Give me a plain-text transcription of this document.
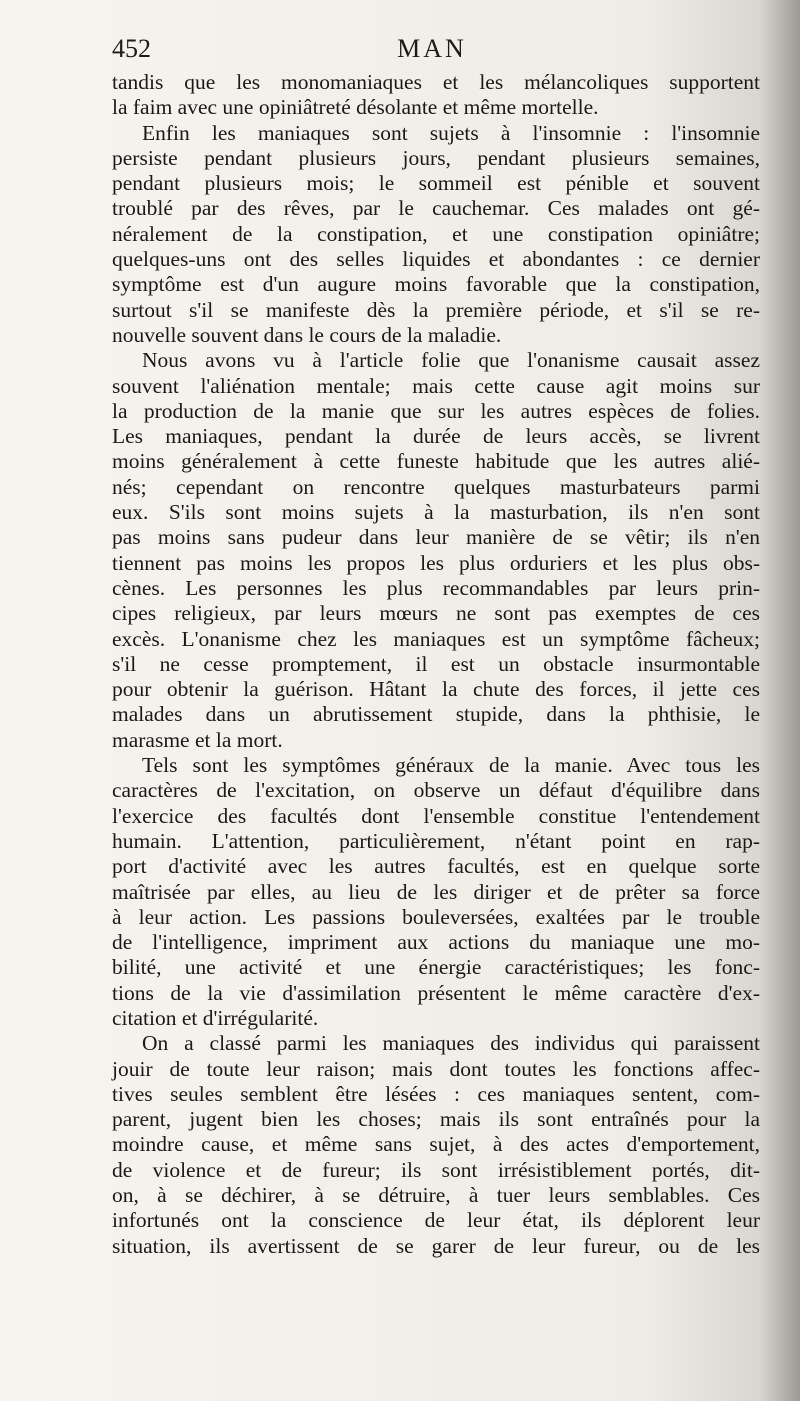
452	MAN
tandis que les monomaniaques et les mélancoliques supportent
la faim avec une opiniâtreté désolante et même mortelle.
Enfin les maniaques sont sujets à l'insomnie : l'insomnie
persiste pendant plusieurs jours, pendant plusieurs semaines,
pendant plusieurs mois; le sommeil est pénible et souvent
troublé par des rêves, par le cauchemar. Ces malades ont gé-
néralement de la constipation, et une constipation opiniâtre;
quelques-uns ont des selles liquides et abondantes : ce dernier
symptôme est d'un augure moins favorable que la constipation,
surtout s'il se manifeste dès la première période, et s'il se re-
nouvelle souvent dans le cours de la maladie.
Nous avons vu à l'article folie que l'onanisme causait assez
souvent l'aliénation mentale; mais cette cause agit moins sur
la production de la manie que sur les autres espèces de folies.
Les maniaques, pendant la durée de leurs accès, se livrent
moins généralement à cette funeste habitude que les autres alié-
nés; cependant on rencontre quelques masturbateurs parmi
eux. S'ils sont moins sujets à la masturbation, ils n'en sont
pas moins sans pudeur dans leur manière de se vêtir; ils n'en
tiennent pas moins les propos les plus orduriers et les plus obs-
cènes. Les personnes les plus recommandables par leurs prin-
cipes religieux, par leurs mœurs ne sont pas exemptes de ces
excès. L'onanisme chez les maniaques est un symptôme fâcheux;
s'il ne cesse promptement, il est un obstacle insurmontable
pour obtenir la guérison. Hâtant la chute des forces, il jette ces
malades dans un abrutissement stupide, dans la phthisie, le
marasme et la mort.
Tels sont les symptômes généraux de la manie. Avec tous les
caractères de l'excitation, on observe un défaut d'équilibre dans
l'exercice des facultés dont l'ensemble constitue l'entendement
humain. L'attention, particulièrement, n'étant point en rap-
port d'activité avec les autres facultés, est en quelque sorte
maîtrisée par elles, au lieu de les diriger et de prêter sa force
à leur action. Les passions bouleversées, exaltées par le trouble
de l'intelligence, impriment aux actions du maniaque une mo-
bilité, une activité et une énergie caractéristiques; les fonc-
tions de la vie d'assimilation présentent le même caractère d'ex-
citation et d'irrégularité.
On a classé parmi les maniaques des individus qui paraissent
jouir de toute leur raison; mais dont toutes les fonctions affec-
tives seules semblent être lésées : ces maniaques sentent, com-
parent, jugent bien les choses; mais ils sont entraînés pour la
moindre cause, et même sans sujet, à des actes d'emportement,
de violence et de fureur; ils sont irrésistiblement portés, dit-
on, à se déchirer, à se détruire, à tuer leurs semblables. Ces
infortunés ont la conscience de leur état, ils déplorent leur
situation, ils avertissent de se garer de leur fureur, ou de les
